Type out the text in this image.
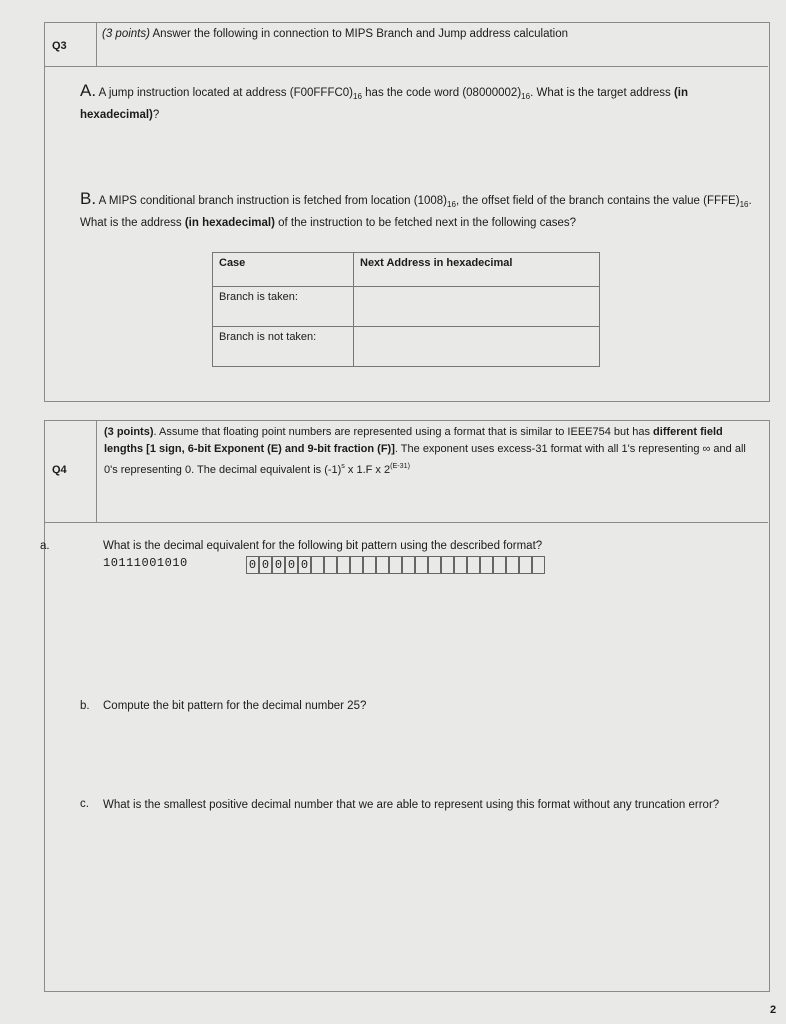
Q3
(3 points) Answer the following in connection to MIPS Branch and Jump address calculation
A. A jump instruction located at address $(F00FFFC0)_{16}$ has the code word $(08000002)_{16}$. What is the target address (in hexadecimal)?
B. A MIPS conditional branch instruction is fetched from location $(1008)_{16}$, the offset field of the branch contains the value $(FFFE)_{16}$. What is the address (in hexadecimal) of the instruction to be fetched next in the following cases?
Case	Next Address in hexadecimal
Branch is taken:	
Branch is not taken:	
Q4
(3 points). Assume that floating point numbers are represented using a format that is similar to IEEE754 but has different field lengths [1 sign, 6-bit Exponent (E) and 9-bit fraction (F)]. The exponent uses excess-31 format with all 1's representing ∞ and all 0's representing 0. The decimal equivalent is $(-1)^s$ x 1.F x $2^{(E-31)}$
a.	What is the decimal equivalent for the following bit pattern using the described format?
10111001010	0 0 0 0 0
b. Compute the bit pattern for the decimal number 25?
c. What is the smallest positive decimal number that we are able to represent using this format without any truncation error?
2
